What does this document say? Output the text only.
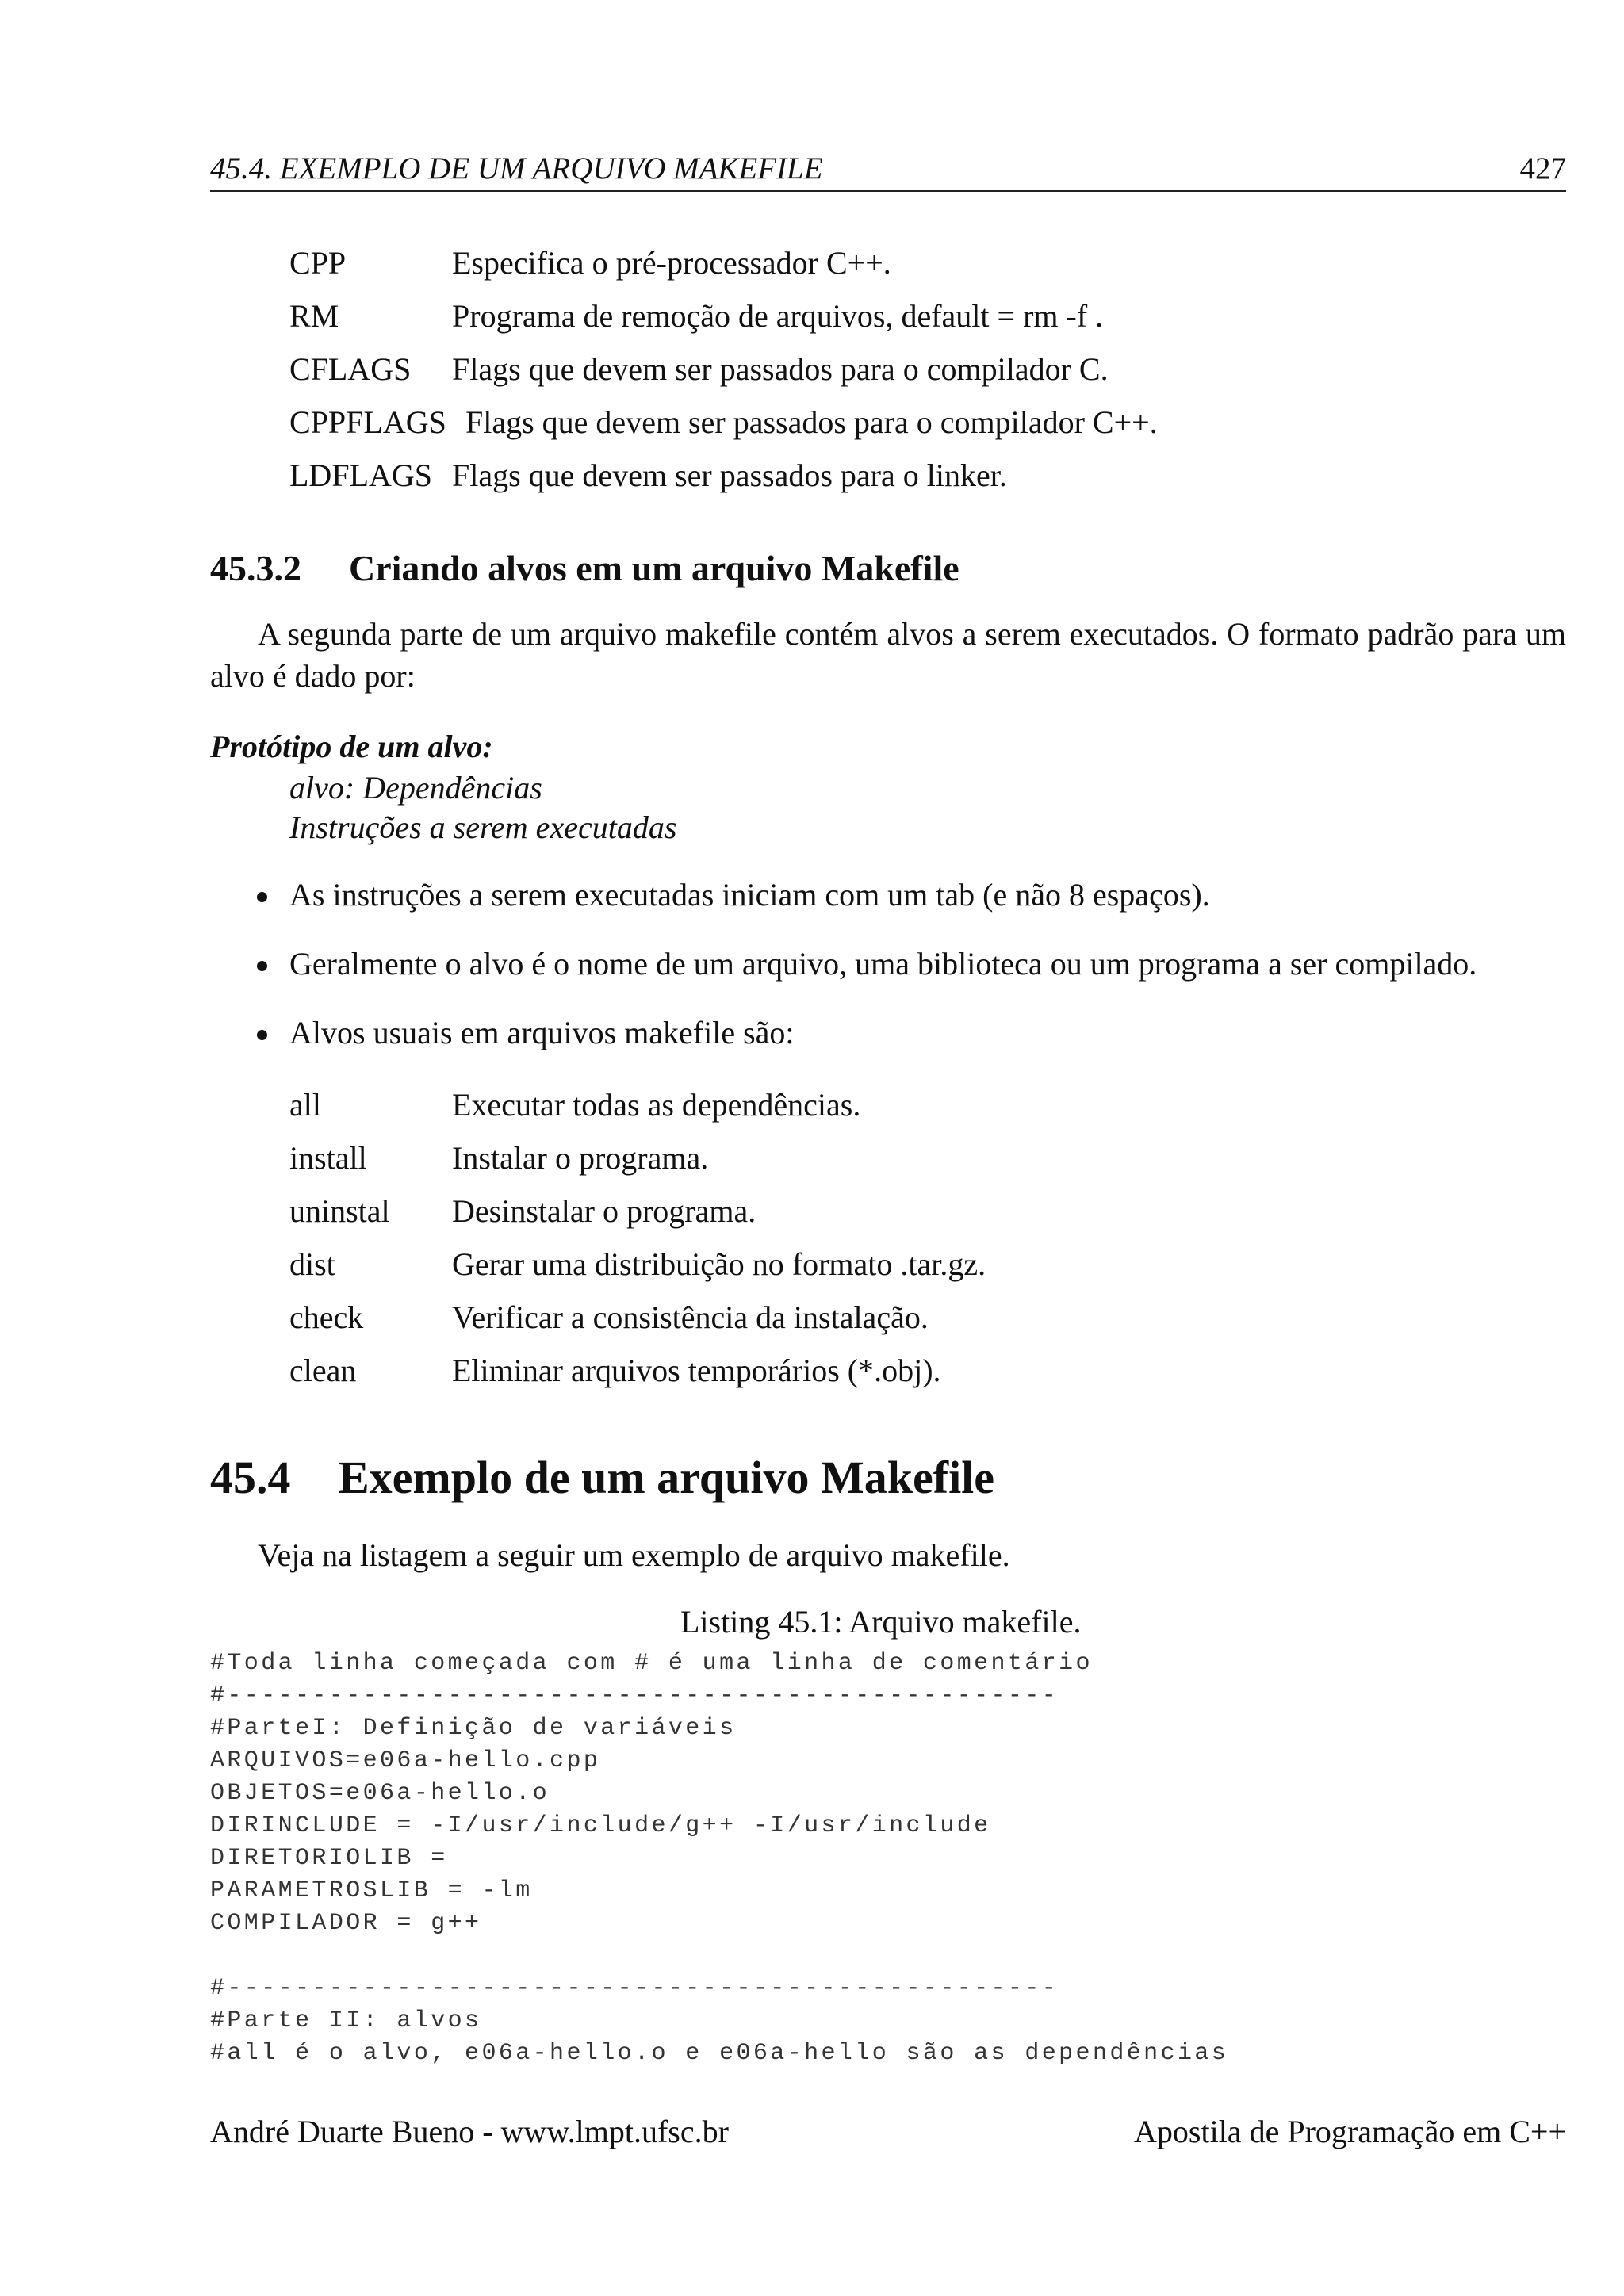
45.4. EXEMPLO DE UM ARQUIVO MAKEFILE	427
CPP	Especifica o pré-processador C++.
RM	Programa de remoção de arquivos, default = rm -f .
CFLAGS Flags que devem ser passados para o compilador C.
CPPFLAGS Flags que devem ser passados para o compilador C++.
LDFLAGS Flags que devem ser passados para o linker.
45.3.2 Criando alvos em um arquivo Makefile
A segunda parte de um arquivo makefile contém alvos a serem executados. O formato padrão para um alvo é dado por:
Protótipo de um alvo:
alvo: Dependências
Instruções a serem executadas
As instruções a serem executadas iniciam com um tab (e não 8 espaços).
Geralmente o alvo é o nome de um arquivo, uma biblioteca ou um programa a ser compilado.
Alvos usuais em arquivos makefile são:
all	Executar todas as dependências.
install	Instalar o programa.
uninstal Desinstalar o programa.
dist	Gerar uma distribuição no formato .tar.gz.
check	Verificar a consistência da instalação.
clean	Eliminar arquivos temporários (*.obj).
45.4 Exemplo de um arquivo Makefile
Veja na listagem a seguir um exemplo de arquivo makefile.
Listing 45.1: Arquivo makefile.
#Toda linha começada com # é uma linha de comentário
#-------------------------------------------------
#ParteI: Definição de variáveis
ARQUIVOS=e06a-hello.cpp
OBJETOS=e06a-hello.o
DIRINCLUDE = -I/usr/include/g++ -I/usr/include
DIRETORIOLIB =
PARAMETROSLIB = -lm
COMPILADOR = g++
#-------------------------------------------------
#Parte II: alvos
#all é o alvo, e06a-hello.o e e06a-hello são as dependências
André Duarte Bueno - www.lmpt.ufsc.br	Apostila de Programação em C++
